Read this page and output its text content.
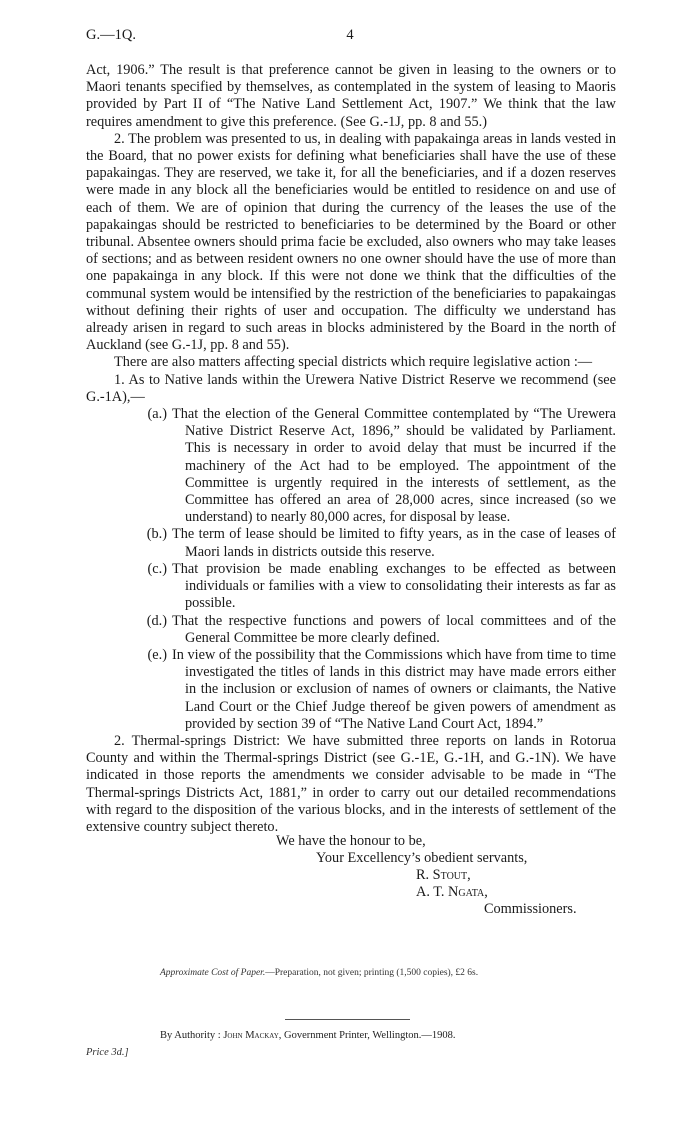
G.—1Q.	4

Act, 1906.” The result is that preference cannot be given in leasing to the owners or to Maori tenants specified by themselves, as contemplated in the system of leasing to Maoris provided by Part II of “The Native Land Settlement Act, 1907.” We think that the law requires amendment to give this preference. (See G.-1J, pp. 8 and 55.)

2. The problem was presented to us, in dealing with papakainga areas in lands vested in the Board, that no power exists for defining what beneficiaries shall have the use of these papakaingas. They are reserved, we take it, for all the beneficiaries, and if a dozen reserves were made in any block all the beneficiaries would be entitled to residence on and use of each of them. We are of opinion that during the currency of the leases the use of the papakaingas should be restricted to beneficiaries to be determined by the Board or other tribunal. Absentee owners should prima facie be excluded, also owners who may take leases of sections; and as between resident owners no one owner should have the use of more than one papakainga in any block. If this were not done we think that the difficulties of the communal system would be intensified by the restriction of the beneficiaries to papakaingas without defining their rights of user and occupation. The difficulty we understand has already arisen in regard to such areas in blocks administered by the Board in the north of Auckland (see G.-1J, pp. 8 and 55).

There are also matters affecting special districts which require legislative action :—

1. As to Native lands within the Urewera Native District Reserve we recommend (see G.-1A),—

(a.) That the election of the General Committee contemplated by “The Urewera Native District Reserve Act, 1896,” should be validated by Parliament. This is necessary in order to avoid delay that must be incurred if the machinery of the Act had to be employed. The appointment of the Committee is urgently required in the interests of settlement, as the Committee has offered an area of 28,000 acres, since increased (so we understand) to nearly 80,000 acres, for disposal by lease.
(b.) The term of lease should be limited to fifty years, as in the case of leases of Maori lands in districts outside this reserve.
(c.) That provision be made enabling exchanges to be effected as between individuals or families with a view to consolidating their interests as far as possible.
(d.) That the respective functions and powers of local committees and of the General Committee be more clearly defined.
(e.) In view of the possibility that the Commissions which have from time to time investigated the titles of lands in this district may have made errors either in the inclusion or exclusion of names of owners or claimants, the Native Land Court or the Chief Judge thereof be given powers of amendment as provided by section 39 of “The Native Land Court Act, 1894.”

2. Thermal-springs District: We have submitted three reports on lands in Rotorua County and within the Thermal-springs District (see G.-1E, G.-1H, and G.-1N). We have indicated in those reports the amendments we consider advisable to be made in “The Thermal-springs Districts Act, 1881,” in order to carry out our detailed recommendations with regard to the disposition of the various blocks, and in the interests of settlement of the extensive country subject thereto.

We have the honour to be,
Your Excellency’s obedient servants,
R. Stout,
A. T. Ngata,
Commissioners.
Approximate Cost of Paper.—Preparation, not given; printing (1,500 copies), £2 6s.
By Authority : John Mackay, Government Printer, Wellington.—1908.
Price 3d.]
